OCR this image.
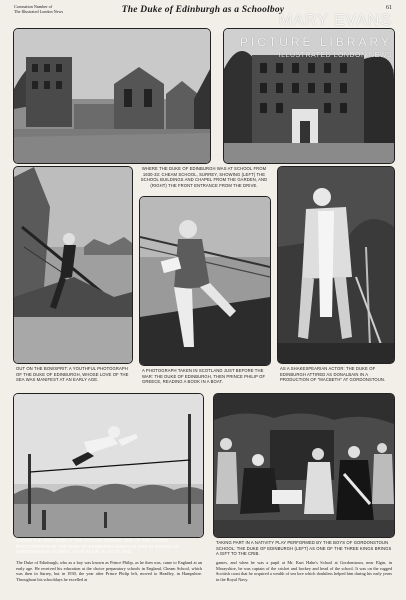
Coronation Number of
The Illustrated London News	The Duke of Edinburgh as a Schoolboy	61
MARY EVANS
PICTURE LIBRARY
ILLUSTRATED LONDON NEWS
WHERE THE DUKE OF EDINBURGH WAS AT SCHOOL FROM 1930-33: CHEAM SCHOOL, SURREY, SHOWING (LEFT) THE SCHOOL BUILDINGS AND CHAPEL FROM THE GARDEN, AND (RIGHT) THE FRONT ENTRANCE FROM THE DRIVE.
OUT ON THE BOWSPRIT: A YOUTHFUL PHOTOGRAPH OF THE DUKE OF EDINBURGH, WHOSE LOVE OF THE SEA WAS MANIFEST AT AN EARLY AGE.
A PHOTOGRAPH TAKEN IN SCOTLAND JUST BEFORE THE WAR: THE DUKE OF EDINBURGH, THEN PRINCE PHILIP OF GREECE, READING A BOOK IN A BOAT.
AS A SHAKESPEARIAN ACTOR: THE DUKE OF EDINBURGH ATTIRED AS DONALBAIN IN A PRODUCTION OF "MACBETH" AT GORDONSTOUN.
TAKING THE HIGH JUMP AT THE SCHOOL SPORTS: ONE OF THE ACTION PHOTOGRAPHS OF THE DUKE OF EDINBURGH WHEN HE WAS AT SCHOOL AT GORDONSTOUN SCHOOL, NEAR ELGIN, IN SCOTLAND.
TAKING PART IN A NATIVITY PLAY PERFORMED BY THE BOYS OF GORDONSTOUN SCHOOL: THE DUKE OF EDINBURGH (LEFT) AS ONE OF THE THREE KINGS BRINGS A GIFT TO THE CRIB.
The Duke of Edinburgh, who as a boy was known as Prince Philip, as he then was, came to England at an early age. He received his education at the choice preparatory schools in England, Cheam School, which was then in Surrey, but in 1930, the year after Prince Philip left, moved to Headley, in Hampshire. Throughout his schooldays he excelled at
games, and when he was a pupil at Mr. Kurt Hahn's School at Gordonstoun, near Elgin, in Morayshire, he was captain of the cricket and hockey and head of the school. It was on the rugged Scottish coast that he acquired a wealth of sea lore which doubtless helped him during his early years in the Royal Navy.
